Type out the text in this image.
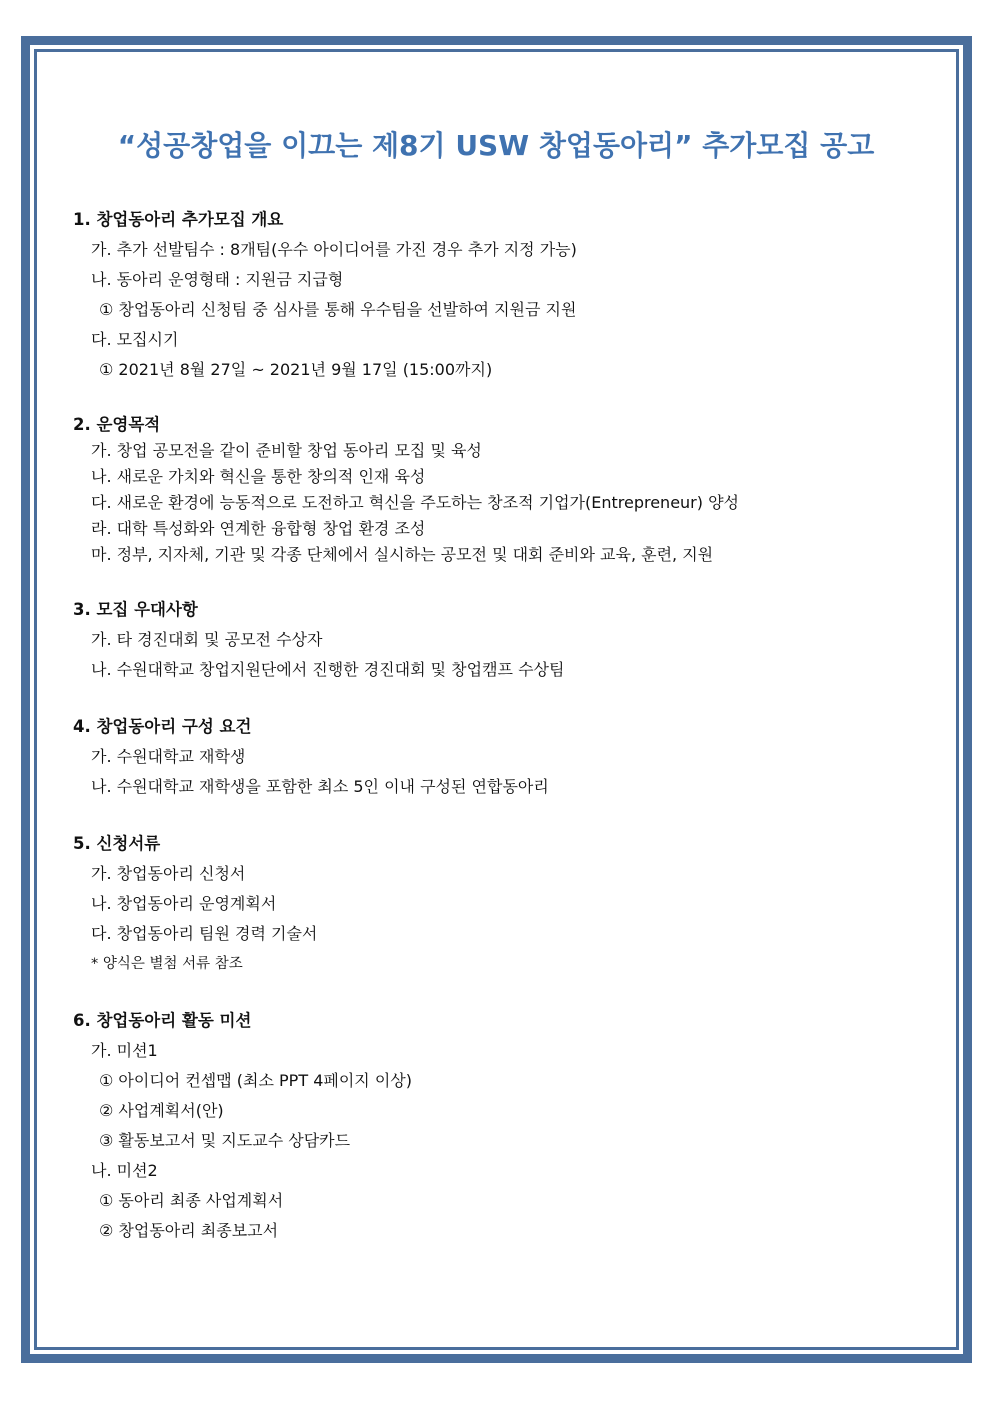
“성공창업을 이끄는 제8기 USW 창업동아리” 추가모집 공고
1. 창업동아리 추가모집 개요
가. 추가 선발팀수 : 8개팀(우수 아이디어를 가진 경우 추가 지정 가능)
나. 동아리 운영형태 : 지원금 지급형
① 창업동아리 신청팀 중 심사를 통해 우수팀을 선발하여 지원금 지원
다. 모집시기
① 2021년 8월 27일 ~ 2021년 9월 17일 (15:00까지)
2. 운영목적
가. 창업 공모전을 같이 준비할 창업 동아리 모집 및 육성
나. 새로운 가치와 혁신을 통한 창의적 인재 육성
다. 새로운 환경에 능동적으로 도전하고 혁신을 주도하는 창조적 기업가(Entrepreneur) 양성
라. 대학 특성화와 연계한 융합형 창업 환경 조성
마. 정부, 지자체, 기관 및 각종 단체에서 실시하는 공모전 및 대회 준비와 교육, 훈련, 지원
3. 모집 우대사항
가. 타 경진대회 및 공모전 수상자
나. 수원대학교 창업지원단에서 진행한 경진대회 및 창업캠프 수상팀
4. 창업동아리 구성 요건
가. 수원대학교 재학생
나. 수원대학교 재학생을 포함한 최소 5인 이내 구성된 연합동아리
5. 신청서류
가. 창업동아리 신청서
나. 창업동아리 운영계획서
다. 창업동아리 팀원 경력 기술서
* 양식은 별첨 서류 참조
6. 창업동아리 활동 미션
가. 미션1
① 아이디어 컨셉맵 (최소 PPT 4페이지 이상)
② 사업계획서(안)
③ 활동보고서 및 지도교수 상담카드
나. 미션2
① 동아리 최종 사업계획서
② 창업동아리 최종보고서
